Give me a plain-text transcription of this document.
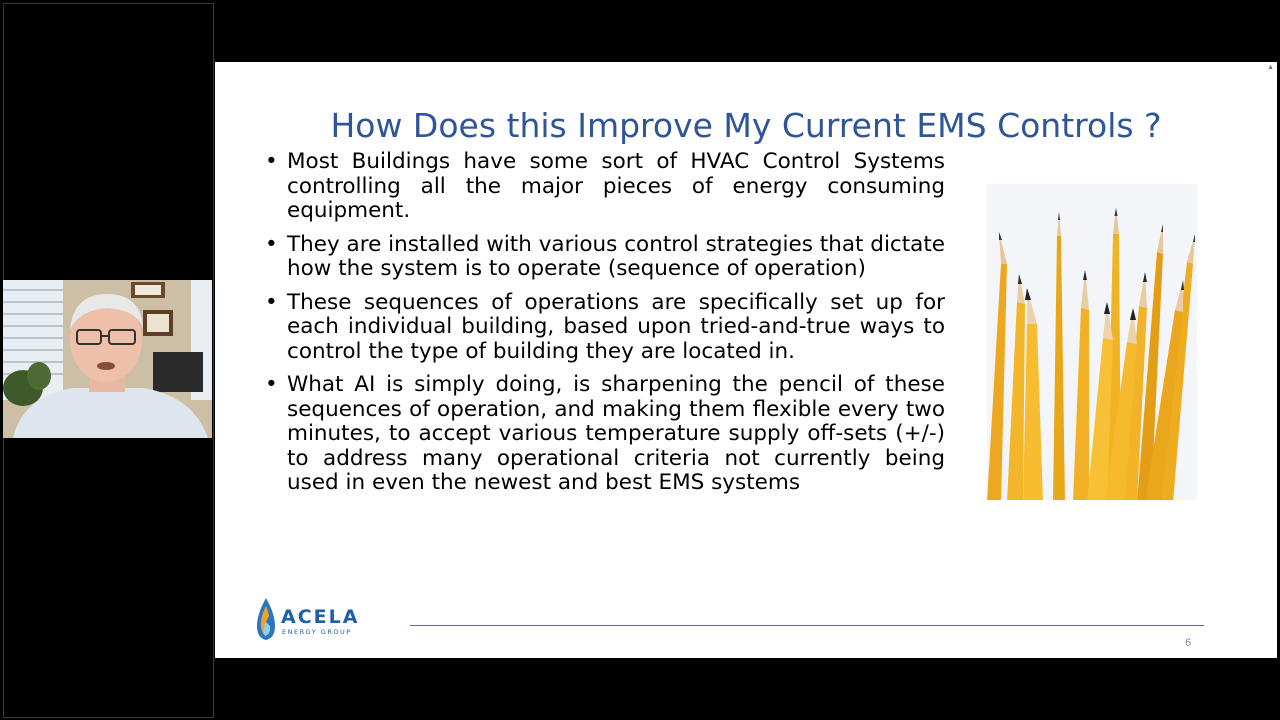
▲
How Does this Improve My Current EMS Controls ?
• Most Buildings have some sort of HVAC Control Systems controlling all the major pieces of energy consuming equipment.
• They are installed with various control strategies that dictate how the system is to operate (sequence of operation)
• These sequences of operations are specifically set up for each individual building, based upon tried-and-true ways to control the type of building they are located in.
• What AI is simply doing, is sharpening the pencil of these sequences of operation, and making them flexible every two minutes, to accept various temperature supply off-sets (+/-) to address many operational criteria not currently being used in even the newest and best EMS systems
ACELA
ENERGY GROUP
6
